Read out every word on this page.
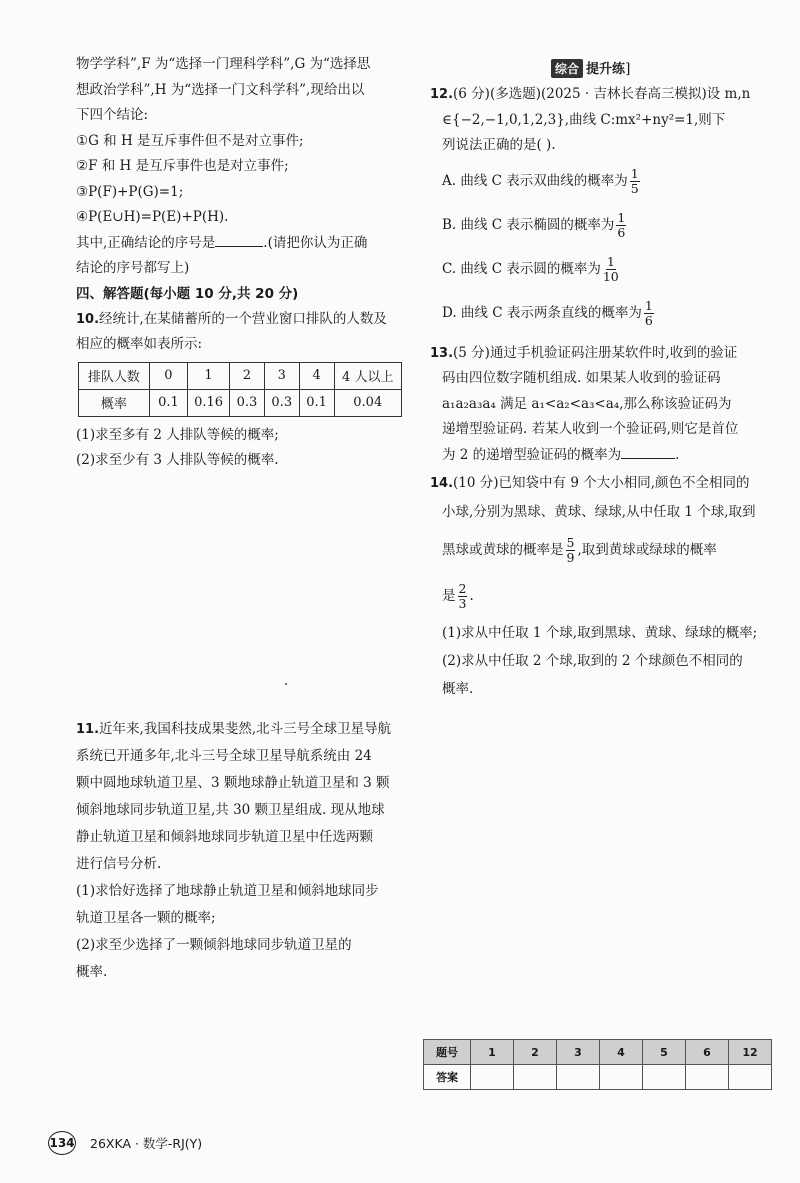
物学学科”,F 为“选择一门理科学科”,G 为“选择思
想政治学科”,H 为“选择一门文科学科”,现给出以
下四个结论:
①G 和 H 是互斥事件但不是对立事件;
②F 和 H 是互斥事件也是对立事件;
③P(F)+P(G)=1;
④P(E∪H)=P(E)+P(H).
其中,正确结论的序号是	.(请把你认为正确
结论的序号都写上)
四、解答题(每小题 10 分,共 20 分)
10.经统计,在某储蓄所的一个营业窗口排队的人数及
相应的概率如表所示:
排队人数	0	1	2	3	4	4 人以上
概率	0.1	0.16	0.3	0.3	0.1	0.04
(1)求至多有 2 人排队等候的概率;
(2)求至少有 3 人排队等候的概率.
11.近年来,我国科技成果斐然,北斗三号全球卫星导航
系统已开通多年,北斗三号全球卫星导航系统由 24
颗中圆地球轨道卫星、3 颗地球静止轨道卫星和 3 颗
倾斜地球同步轨道卫星,共 30 颗卫星组成. 现从地球
静止轨道卫星和倾斜地球同步轨道卫星中任选两颗
进行信号分析.
(1)求恰好选择了地球静止轨道卫星和倾斜地球同步
轨道卫星各一颗的概率;
(2)求至少选择了一颗倾斜地球同步轨道卫星的
概率.
综合 提升练]
12.(6 分)(多选题)(2025 · 吉林长春高三模拟)设 m,n
∈{−2,−1,0,1,2,3},曲线 C:mx²+ny²=1,则下
列说法正确的是( ).
A. 曲线 C 表示双曲线的概率为 $\frac{1}{5}$
B. 曲线 C 表示椭圆的概率为 $\frac{1}{6}$
C. 曲线 C 表示圆的概率为 $\frac{1}{10}$
D. 曲线 C 表示两条直线的概率为 $\frac{1}{6}$
13.(5 分)通过手机验证码注册某软件时,收到的验证
码由四位数字随机组成. 如果某人收到的验证码
a₁a₂a₃a₄ 满足 a₁<a₂<a₃<a₄,那么称该验证码为
递增型验证码. 若某人收到一个验证码,则它是首位
为 2 的递增型验证码的概率为	.
14.(10 分)已知袋中有 9 个大小相同,颜色不全相同的
小球,分别为黑球、黄球、绿球,从中任取 1 个球,取到
黑球或黄球的概率是 $\frac{5}{9}$ ,取到黄球或绿球的概率
是 $\frac{2}{3}$ .
(1)求从中任取 1 个球,取到黑球、黄球、绿球的概率;
(2)求从中任取 2 个球,取到的 2 个球颜色不相同的
概率.
题号	1	2	3	4	5	6	12
答案							
134 26XKA · 数学-RJ(Y)
